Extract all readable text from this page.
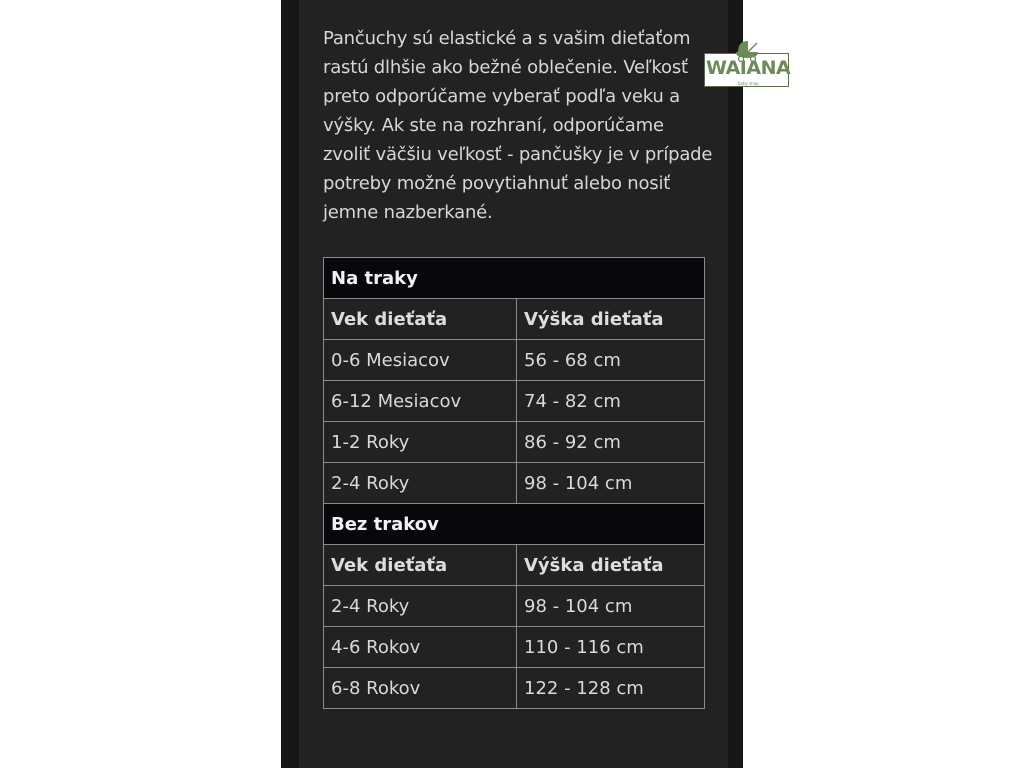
Pančuchy sú elastické a s vašim dieťaťom rastú dlhšie ako bežné oblečenie. Veľkosť preto odporúčame vyberať podľa veku a výšky. Ak ste na rozhraní, odporúčame zvoliť väčšiu veľkosť - pančušky je v prípade potreby možné povytiahnuť alebo nosiť jemne nazberkané.

Na traky	
Vek dieťaťa	Výška dieťaťa
0-6 Mesiacov	56 - 68 cm
6-12 Mesiacov	74 - 82 cm
1-2 Roky	86 - 92 cm
2-4 Roky	98 - 104 cm
Bez trakov	
Vek dieťaťa	Výška dieťaťa
2-4 Roky	98 - 104 cm
4-6 Rokov	110 - 116 cm
6-8 Rokov	122 - 128 cm
WAIANA
baby shop
